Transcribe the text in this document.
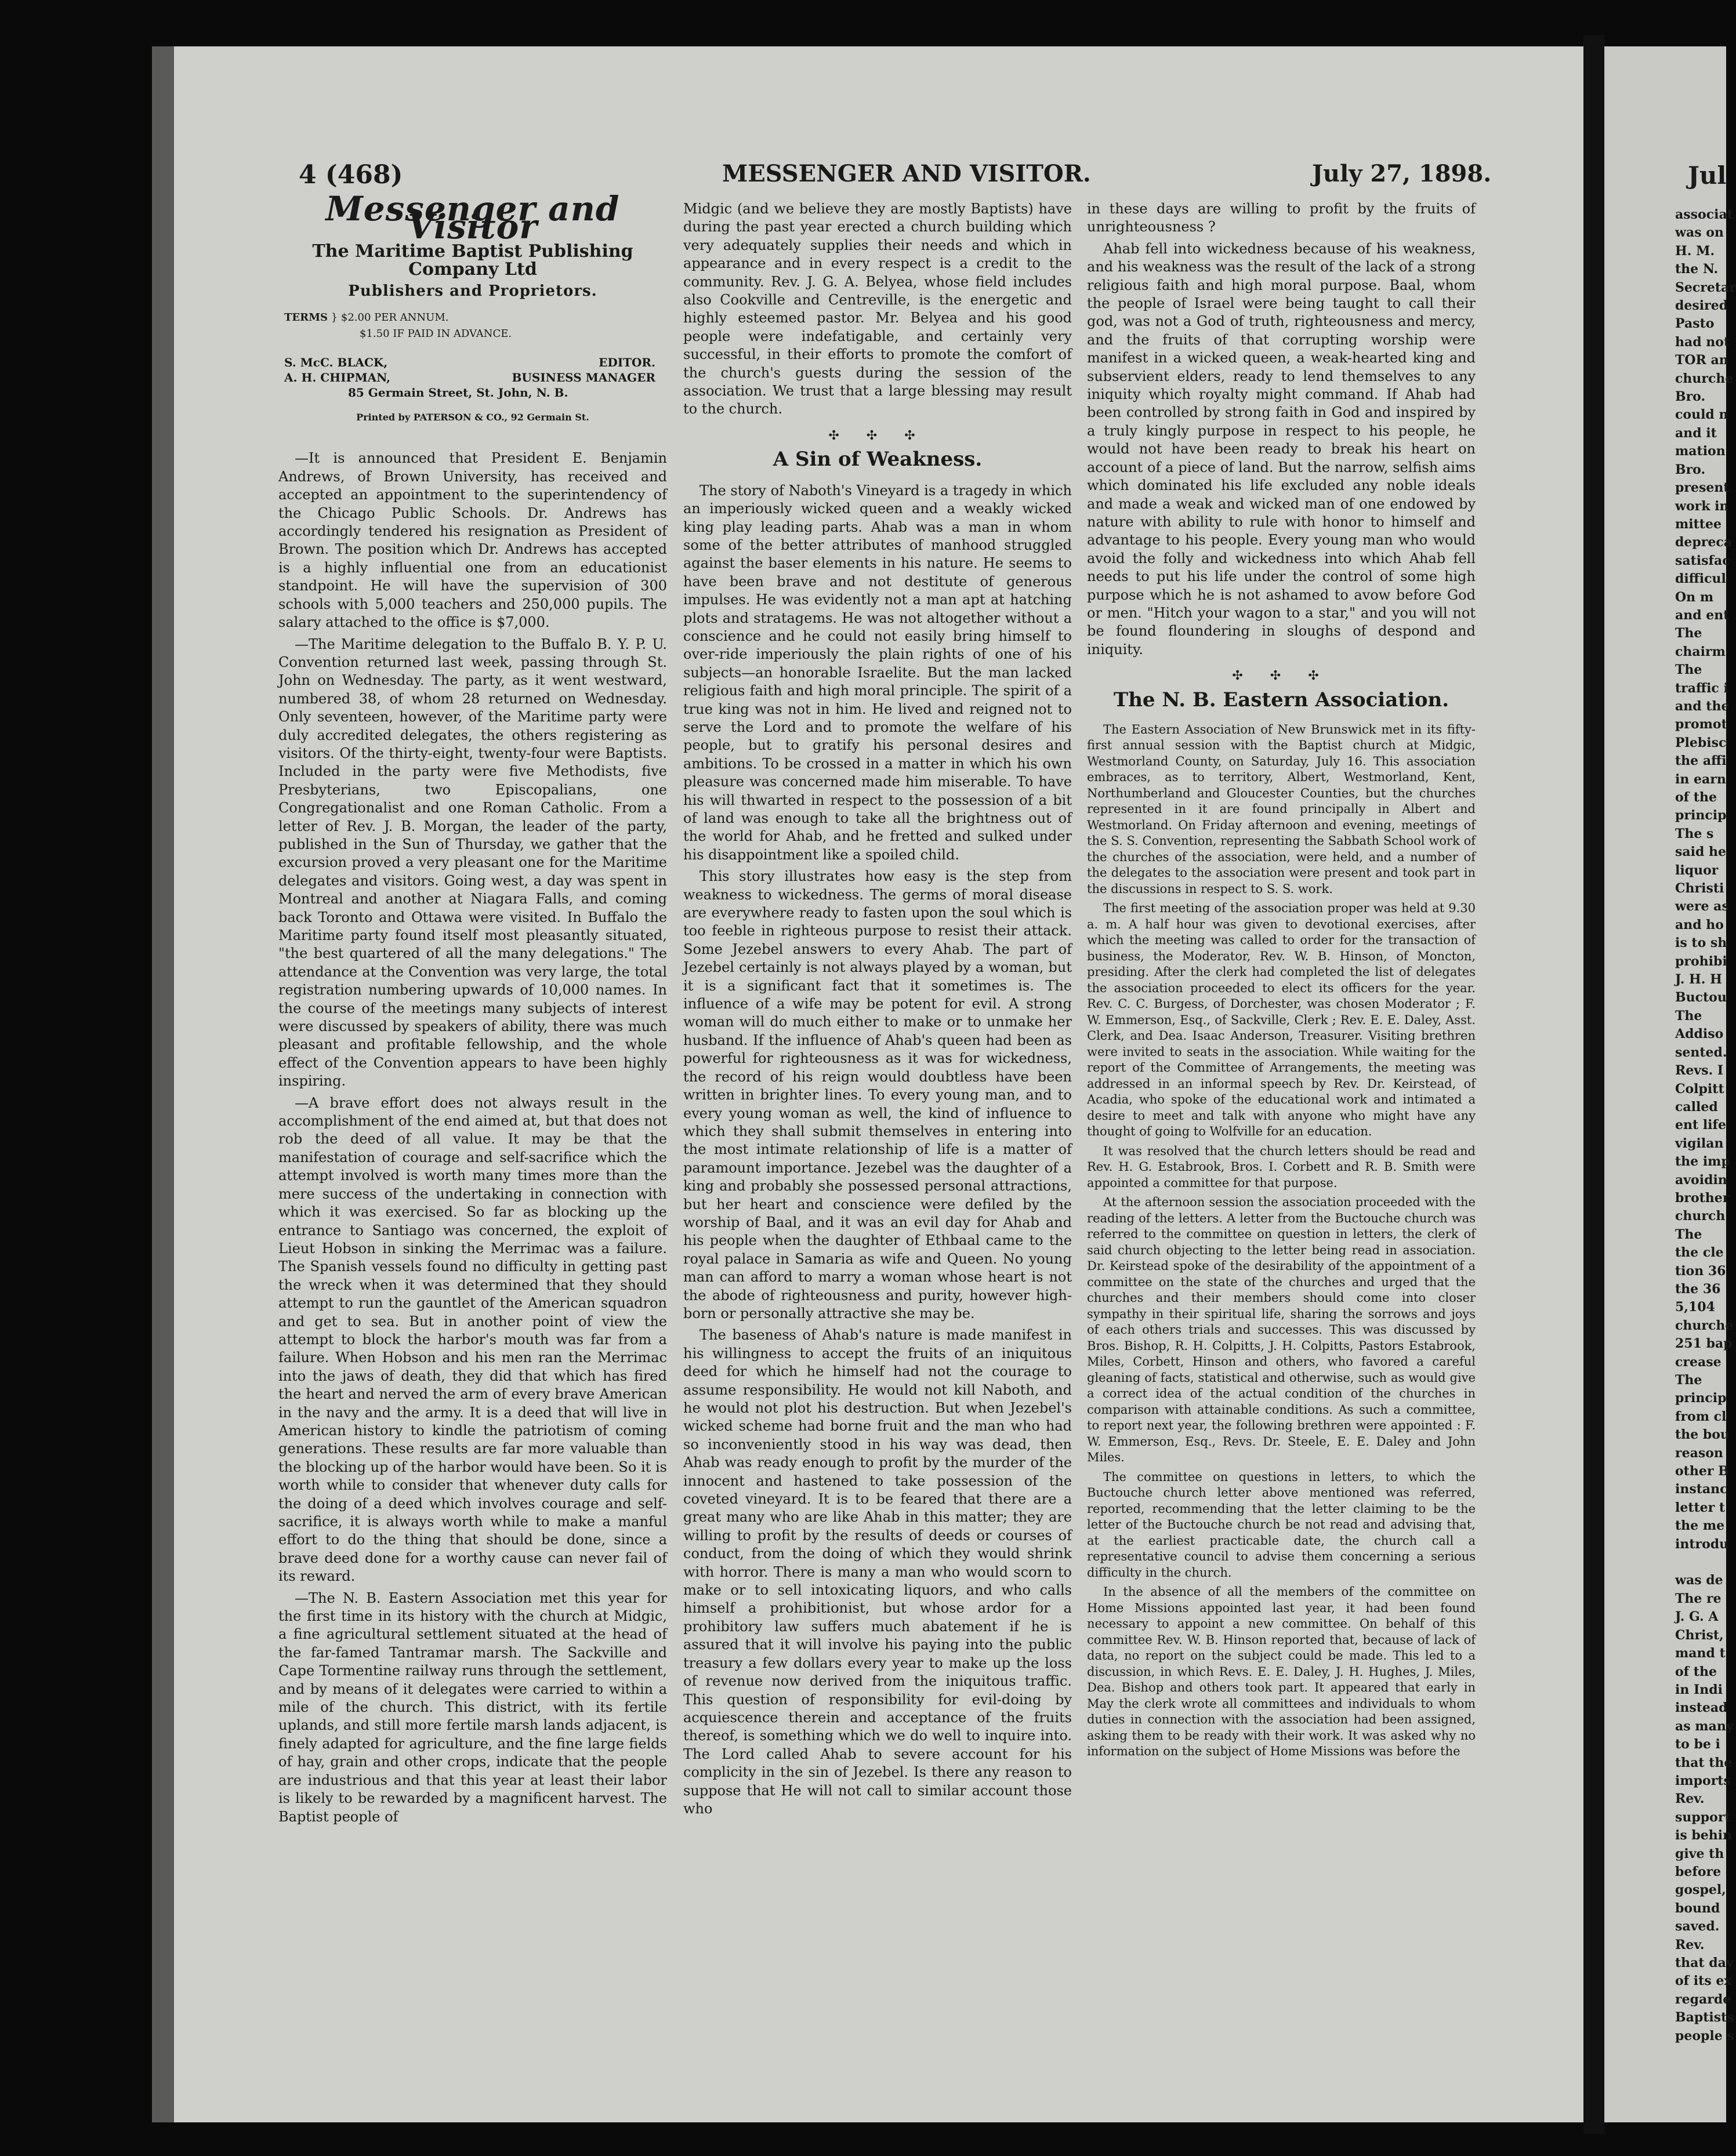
4 (468)	MESSENGER AND VISITOR.	July 27, 1898.	Jul
Messenger and Visitor
The Maritime Baptist Publishing Company Ltd
Publishers and Proprietors.
TERMS } $2.00 PER ANNUM.
$1.50 IF PAID IN ADVANCE.
S. McC. BLACK,	EDITOR.
A. H. CHIPMAN,	BUSINESS MANAGER
85 Germain Street, St. John, N. B.
Printed by PATERSON & CO., 92 Germain St.

—It is announced that President E. Benjamin Andrews, of Brown University, has received and accepted an appointment to the superintendency of the Chicago Public Schools. Dr. Andrews has accordingly tendered his resignation as President of Brown. The position which Dr. Andrews has accepted is a highly influential one from an educationist standpoint. He will have the supervision of 300 schools with 5,000 teachers and 250,000 pupils. The salary attached to the office is $7,000.

—The Maritime delegation to the Buffalo B. Y. P. U. Convention returned last week, passing through St. John on Wednesday. The party, as it went westward, numbered 38, of whom 28 returned on Wednesday. Only seventeen, however, of the Maritime party were duly accredited delegates, the others registering as visitors. Of the thirty-eight, twenty-four were Baptists. Included in the party were five Methodists, five Presbyterians, two Episcopalians, one Congregationalist and one Roman Catholic. From a letter of Rev. J. B. Morgan, the leader of the party, published in the Sun of Thursday, we gather that the excursion proved a very pleasant one for the Maritime delegates and visitors. Going west, a day was spent in Montreal and another at Niagara Falls, and coming back Toronto and Ottawa were visited. In Buffalo the Maritime party found itself most pleasantly situated, "the best quartered of all the many delegations." The attendance at the Convention was very large, the total registration numbering upwards of 10,000 names. In the course of the meetings many subjects of interest were discussed by speakers of ability, there was much pleasant and profitable fellowship, and the whole effect of the Convention appears to have been highly inspiring.

—A brave effort does not always result in the accomplishment of the end aimed at, but that does not rob the deed of all value. It may be that the manifestation of courage and self-sacrifice which the attempt involved is worth many times more than the mere success of the undertaking in connection with which it was exercised. So far as blocking up the entrance to Santiago was concerned, the exploit of Lieut Hobson in sinking the Merrimac was a failure. The Spanish vessels found no difficulty in getting past the wreck when it was determined that they should attempt to run the gauntlet of the American squadron and get to sea. But in another point of view the attempt to block the harbor's mouth was far from a failure. When Hobson and his men ran the Merrimac into the jaws of death, they did that which has fired the heart and nerved the arm of every brave American in the navy and the army. It is a deed that will live in American history to kindle the patriotism of coming generations. These results are far more valuable than the blocking up of the harbor would have been. So it is worth while to consider that whenever duty calls for the doing of a deed which involves courage and self-sacrifice, it is always worth while to make a manful effort to do the thing that should be done, since a brave deed done for a worthy cause can never fail of its reward.

—The N. B. Eastern Association met this year for the first time in its history with the church at Midgic, a fine agricultural settlement situated at the head of the far-famed Tantramar marsh. The Sackville and Cape Tormentine railway runs through the settlement, and by means of it delegates were carried to within a mile of the church. This district, with its fertile uplands, and still more fertile marsh lands adjacent, is finely adapted for agriculture, and the fine large fields of hay, grain and other crops, indicate that the people are industrious and that this year at least their labor is likely to be rewarded by a magnificent harvest. The Baptist people of

Midgic (and we believe they are mostly Baptists) have during the past year erected a church building which very adequately supplies their needs and which in appearance and in every respect is a credit to the community. Rev. J. G. A. Belyea, whose field includes also Cookville and Centreville, is the energetic and highly esteemed pastor. Mr. Belyea and his good people were indefatigable, and certainly very successful, in their efforts to promote the comfort of the church's guests during the session of the association. We trust that a large blessing may result to the church.

✣ ✣ ✣
A Sin of Weakness.

The story of Naboth's Vineyard is a tragedy in which an imperiously wicked queen and a weakly wicked king play leading parts. Ahab was a man in whom some of the better attributes of manhood struggled against the baser elements in his nature. He seems to have been brave and not destitute of generous impulses. He was evidently not a man apt at hatching plots and stratagems. He was not altogether without a conscience and he could not easily bring himself to over-ride imperiously the plain rights of one of his subjects—an honorable Israelite. But the man lacked religious faith and high moral principle. The spirit of a true king was not in him. He lived and reigned not to serve the Lord and to promote the welfare of his people, but to gratify his personal desires and ambitions. To be crossed in a matter in which his own pleasure was concerned made him miserable. To have his will thwarted in respect to the possession of a bit of land was enough to take all the brightness out of the world for Ahab, and he fretted and sulked under his disappointment like a spoiled child.

This story illustrates how easy is the step from weakness to wickedness. The germs of moral disease are everywhere ready to fasten upon the soul which is too feeble in righteous purpose to resist their attack. Some Jezebel answers to every Ahab. The part of Jezebel certainly is not always played by a woman, but it is a significant fact that it sometimes is. The influence of a wife may be potent for evil. A strong woman will do much either to make or to unmake her husband. If the influence of Ahab's queen had been as powerful for righteousness as it was for wickedness, the record of his reign would doubtless have been written in brighter lines. To every young man, and to every young woman as well, the kind of influence to which they shall submit themselves in entering into the most intimate relationship of life is a matter of paramount importance. Jezebel was the daughter of a king and probably she possessed personal attractions, but her heart and conscience were defiled by the worship of Baal, and it was an evil day for Ahab and his people when the daughter of Ethbaal came to the royal palace in Samaria as wife and Queen. No young man can afford to marry a woman whose heart is not the abode of righteousness and purity, however high-born or personally attractive she may be.

The baseness of Ahab's nature is made manifest in his willingness to accept the fruits of an iniquitous deed for which he himself had not the courage to assume responsibility. He would not kill Naboth, and he would not plot his destruction. But when Jezebel's wicked scheme had borne fruit and the man who had so inconveniently stood in his way was dead, then Ahab was ready enough to profit by the murder of the innocent and hastened to take possession of the coveted vineyard. It is to be feared that there are a great many who are like Ahab in this matter; they are willing to profit by the results of deeds or courses of conduct, from the doing of which they would shrink with horror. There is many a man who would scorn to make or to sell intoxicating liquors, and who calls himself a prohibitionist, but whose ardor for a prohibitory law suffers much abatement if he is assured that it will involve his paying into the public treasury a few dollars every year to make up the loss of revenue now derived from the iniquitous traffic. This question of responsibility for evil-doing by acquiescence therein and acceptance of the fruits thereof, is something which we do well to inquire into. The Lord called Ahab to severe account for his complicity in the sin of Jezebel. Is there any reason to suppose that He will not call to similar account those who

in these days are willing to profit by the fruits of unrighteousness ?

Ahab fell into wickedness because of his weakness, and his weakness was the result of the lack of a strong religious faith and high moral purpose. Baal, whom the people of Israel were being taught to call their god, was not a God of truth, righteousness and mercy, and the fruits of that corrupting worship were manifest in a wicked queen, a weak-hearted king and subservient elders, ready to lend themselves to any iniquity which royalty might command. If Ahab had been controlled by strong faith in God and inspired by a truly kingly purpose in respect to his people, he would not have been ready to break his heart on account of a piece of land. But the narrow, selfish aims which dominated his life excluded any noble ideals and made a weak and wicked man of one endowed by nature with ability to rule with honor to himself and advantage to his people. Every young man who would avoid the folly and wickedness into which Ahab fell needs to put his life under the control of some high purpose which he is not ashamed to avow before God or men. "Hitch your wagon to a star," and you will not be found floundering in sloughs of despond and iniquity.

✣ ✣ ✣
The N. B. Eastern Association.

The Eastern Association of New Brunswick met in its fifty-first annual session with the Baptist church at Midgic, Westmorland County, on Saturday, July 16. This association embraces, as to territory, Albert, Westmorland, Kent, Northumberland and Gloucester Counties, but the churches represented in it are found principally in Albert and Westmorland. On Friday afternoon and evening, meetings of the S. S. Convention, representing the Sabbath School work of the churches of the association, were held, and a number of the delegates to the association were present and took part in the discussions in respect to S. S. work.

The first meeting of the association proper was held at 9.30 a. m. A half hour was given to devotional exercises, after which the meeting was called to order for the transaction of business, the Moderator, Rev. W. B. Hinson, of Moncton, presiding. After the clerk had completed the list of delegates the association proceeded to elect its officers for the year. Rev. C. C. Burgess, of Dorchester, was chosen Moderator ; F. W. Emmerson, Esq., of Sackville, Clerk ; Rev. E. E. Daley, Asst. Clerk, and Dea. Isaac Anderson, Treasurer. Visiting brethren were invited to seats in the association. While waiting for the report of the Committee of Arrangements, the meeting was addressed in an informal speech by Rev. Dr. Keirstead, of Acadia, who spoke of the educational work and intimated a desire to meet and talk with anyone who might have any thought of going to Wolfville for an education.

It was resolved that the church letters should be read and Rev. H. G. Estabrook, Bros. I. Corbett and R. B. Smith were appointed a committee for that purpose.

At the afternoon session the association proceeded with the reading of the letters. A letter from the Buctouche church was referred to the committee on question in letters, the clerk of said church objecting to the letter being read in association. Dr. Keirstead spoke of the desirability of the appointment of a committee on the state of the churches and urged that the churches and their members should come into closer sympathy in their spiritual life, sharing the sorrows and joys of each others trials and successes. This was discussed by Bros. Bishop, R. H. Colpitts, J. H. Colpitts, Pastors Estabrook, Miles, Corbett, Hinson and others, who favored a careful gleaning of facts, statistical and otherwise, such as would give a correct idea of the actual condition of the churches in comparison with attainable conditions. As such a committee, to report next year, the following brethren were appointed : F. W. Emmerson, Esq., Revs. Dr. Steele, E. E. Daley and John Miles.

The committee on questions in letters, to which the Buctouche church letter above mentioned was referred, reported, recommending that the letter claiming to be the letter of the Buctouche church be not read and advising that, at the earliest practicable date, the church call a representative council to advise them concerning a serious difficulty in the church.

In the absence of all the members of the committee on Home Missions appointed last year, it had been found necessary to appoint a new committee. On behalf of this committee Rev. W. B. Hinson reported that, because of lack of data, no report on the subject could be made. This led to a discussion, in which Revs. E. E. Daley, J. H. Hughes, J. Miles, Dea. Bishop and others took part. It appeared that early in May the clerk wrote all committees and individuals to whom duties in connection with the association had been assigned, asking them to be ready with their work. It was asked why no information on the subject of Home Missions was before the

associat
was on
H. M.
the N.
Secretar
desired
Pasto
had not
TOR an
churche
Bro.
could n
and it
mation
Bro.
present
work in
mittee
depreca
satisfac
difficul
On m
and ent
The
chairm
The
traffic i
and the
promot
Plebisc
the affi
in earn
of the
princip
The s
said he
liquor
Christi
were as
and ho
is to sh
prohibi
J. H. H
Buctou
The
Addiso
sented.
Revs. I
Colpitt
called
ent life
vigilan
the imp
avoidin
brother
church
The
the cle
tion 36
the 36
5,104
churche
251 bap
crease
The
princip
from cl
the bou
reason
other B
instanc
letter t
the me
introdu

was de
The re
J. G. A
Christ,
mand t
of the
in Indi
instead
as many
to be i
that the
imports
Rev.
support
is behin
give th
before
gospel,
bound
saved.
Rev.
that day
of its ex
regarde
Baptists
people s
